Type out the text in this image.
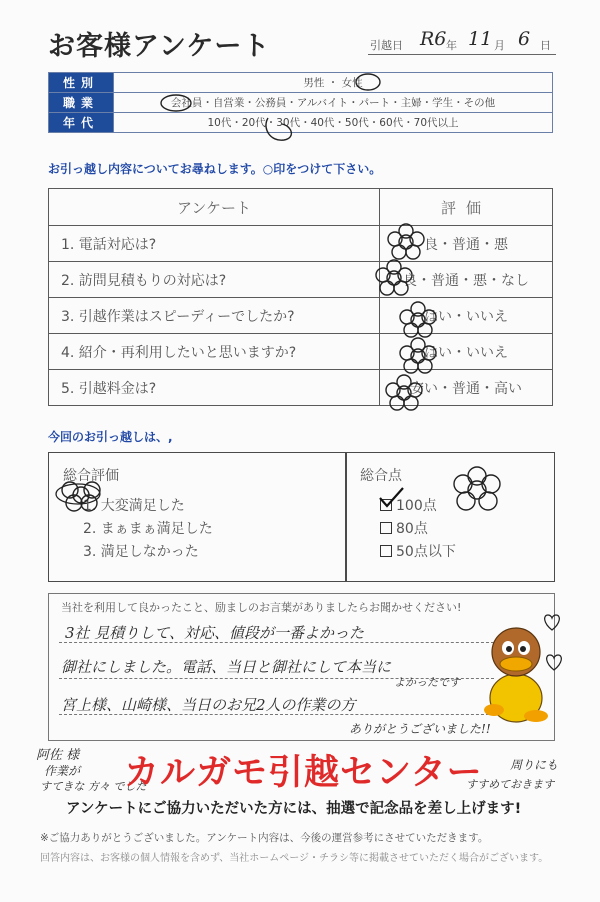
お客様アンケート	引越日 R6 年 11 月 6 日
性別	男性 ・ 女性
職業	会社員・自営業・公務員・アルバイト・パート・主婦・学生・その他
年代	10代・20代・30代・40代・50代・60代・70代以上
お引っ越し内容についてお尋ねします。○印をつけて下さい。
アンケート	評価
1. 電話対応は?	良・普通・悪
2. 訪問見積もりの対応は?	良・普通・悪・なし
3. 引越作業はスピーディーでしたか?	はい・いいえ
4. 紹介・再利用したいと思いますか?	はい・いいえ
5. 引越料金は?	安い・普通・高い
今回のお引っ越しは、,
総合評価
1. 大変満足した
2. まぁまぁ満足した
3. 満足しなかった
総合点
100点
80点
50点以下
当社を利用して良かったこと、励ましのお言葉がありましたらお聞かせください!
3社 見積りして、対応、値段が一番よかった
御社にしました。電話、当日と御社にして本当に
よかったです
宮上様、山崎様、当日のお兄2人の作業の方
ありがとうございました!!
阿佐 様
作業が
すてきな 方々 でした
カルガモ引越センター 周りにも
すすめておきます
アンケートにご協力いただいた方には、抽選で記念品を差し上げます!
※ご協力ありがとうございました。アンケート内容は、今後の運営参考にさせていただきます。
回答内容は、お客様の個人情報を含めず、当社ホームページ・チラシ等に掲載させていただく場合がございます。
